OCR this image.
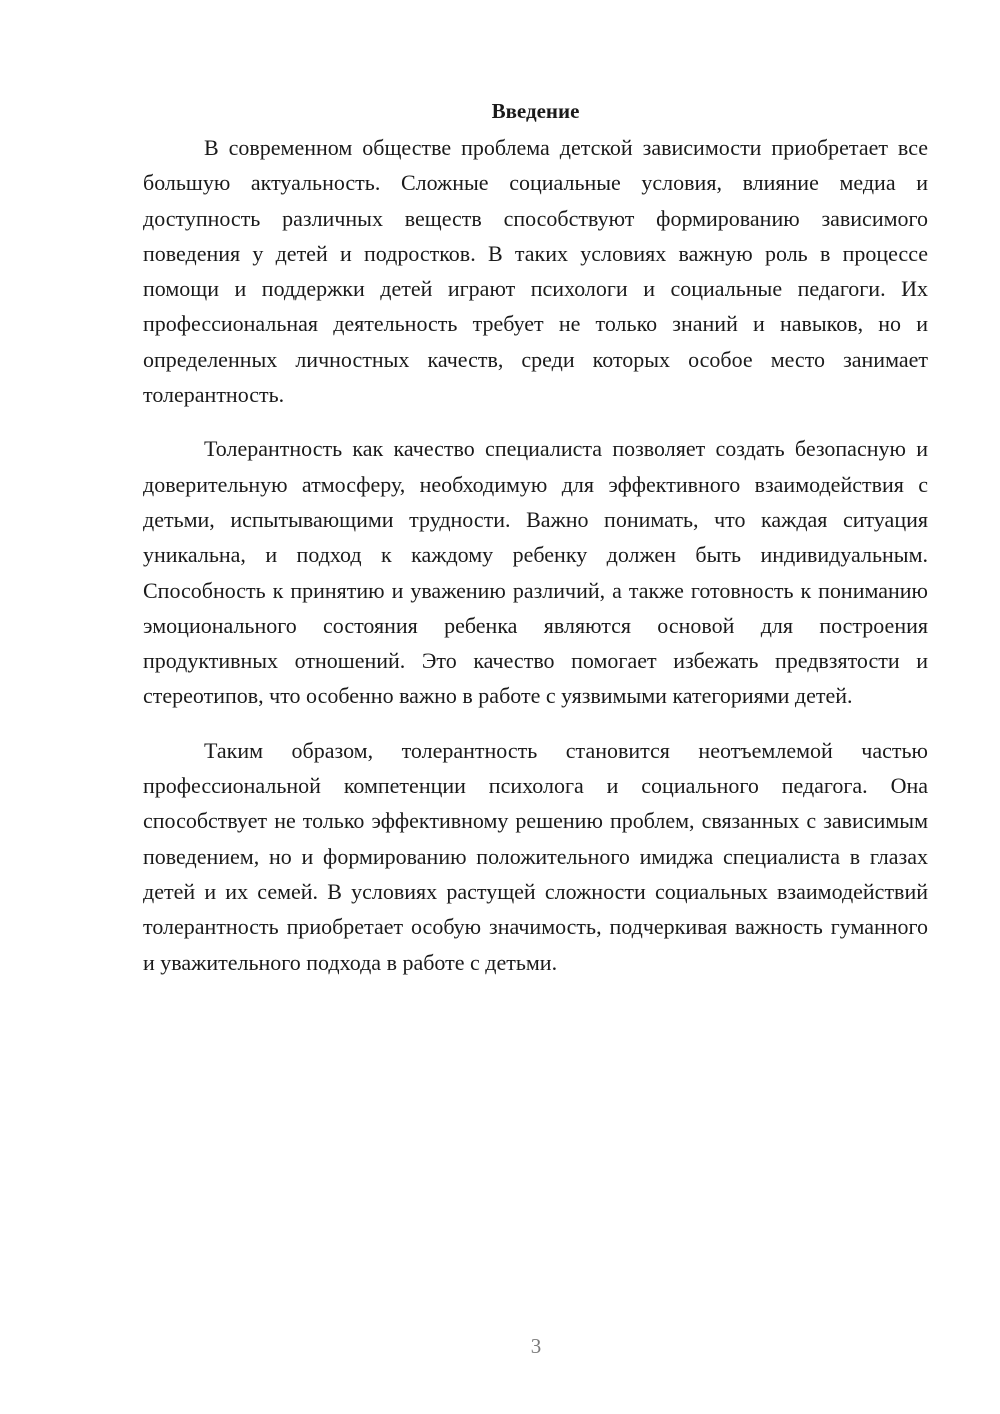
Введение

В современном обществе проблема детской зависимости приобретает все большую актуальность. Сложные социальные условия, влияние медиа и доступность различных веществ способствуют формированию зависимого поведения у детей и подростков. В таких условиях важную роль в процессе помощи и поддержки детей играют психологи и социальные педагоги. Их профессиональная деятельность требует не только знаний и навыков, но и определенных личностных качеств, среди которых особое место занимает толерантность.

Толерантность как качество специалиста позволяет создать безопасную и доверительную атмосферу, необходимую для эффективного взаимодействия с детьми, испытывающими трудности. Важно понимать, что каждая ситуация уникальна, и подход к каждому ребенку должен быть индивидуальным. Способность к принятию и уважению различий, а также готовность к пониманию эмоционального состояния ребенка являются основой для построения продуктивных отношений. Это качество помогает избежать предвзятости и стереотипов, что особенно важно в работе с уязвимыми категориями детей.

Таким образом, толерантность становится неотъемлемой частью профессиональной компетенции психолога и социального педагога. Она способствует не только эффективному решению проблем, связанных с зависимым поведением, но и формированию положительного имиджа специалиста в глазах детей и их семей. В условиях растущей сложности социальных взаимодействий толерантность приобретает особую значимость, подчеркивая важность гуманного и уважительного подхода в работе с детьми.

3
